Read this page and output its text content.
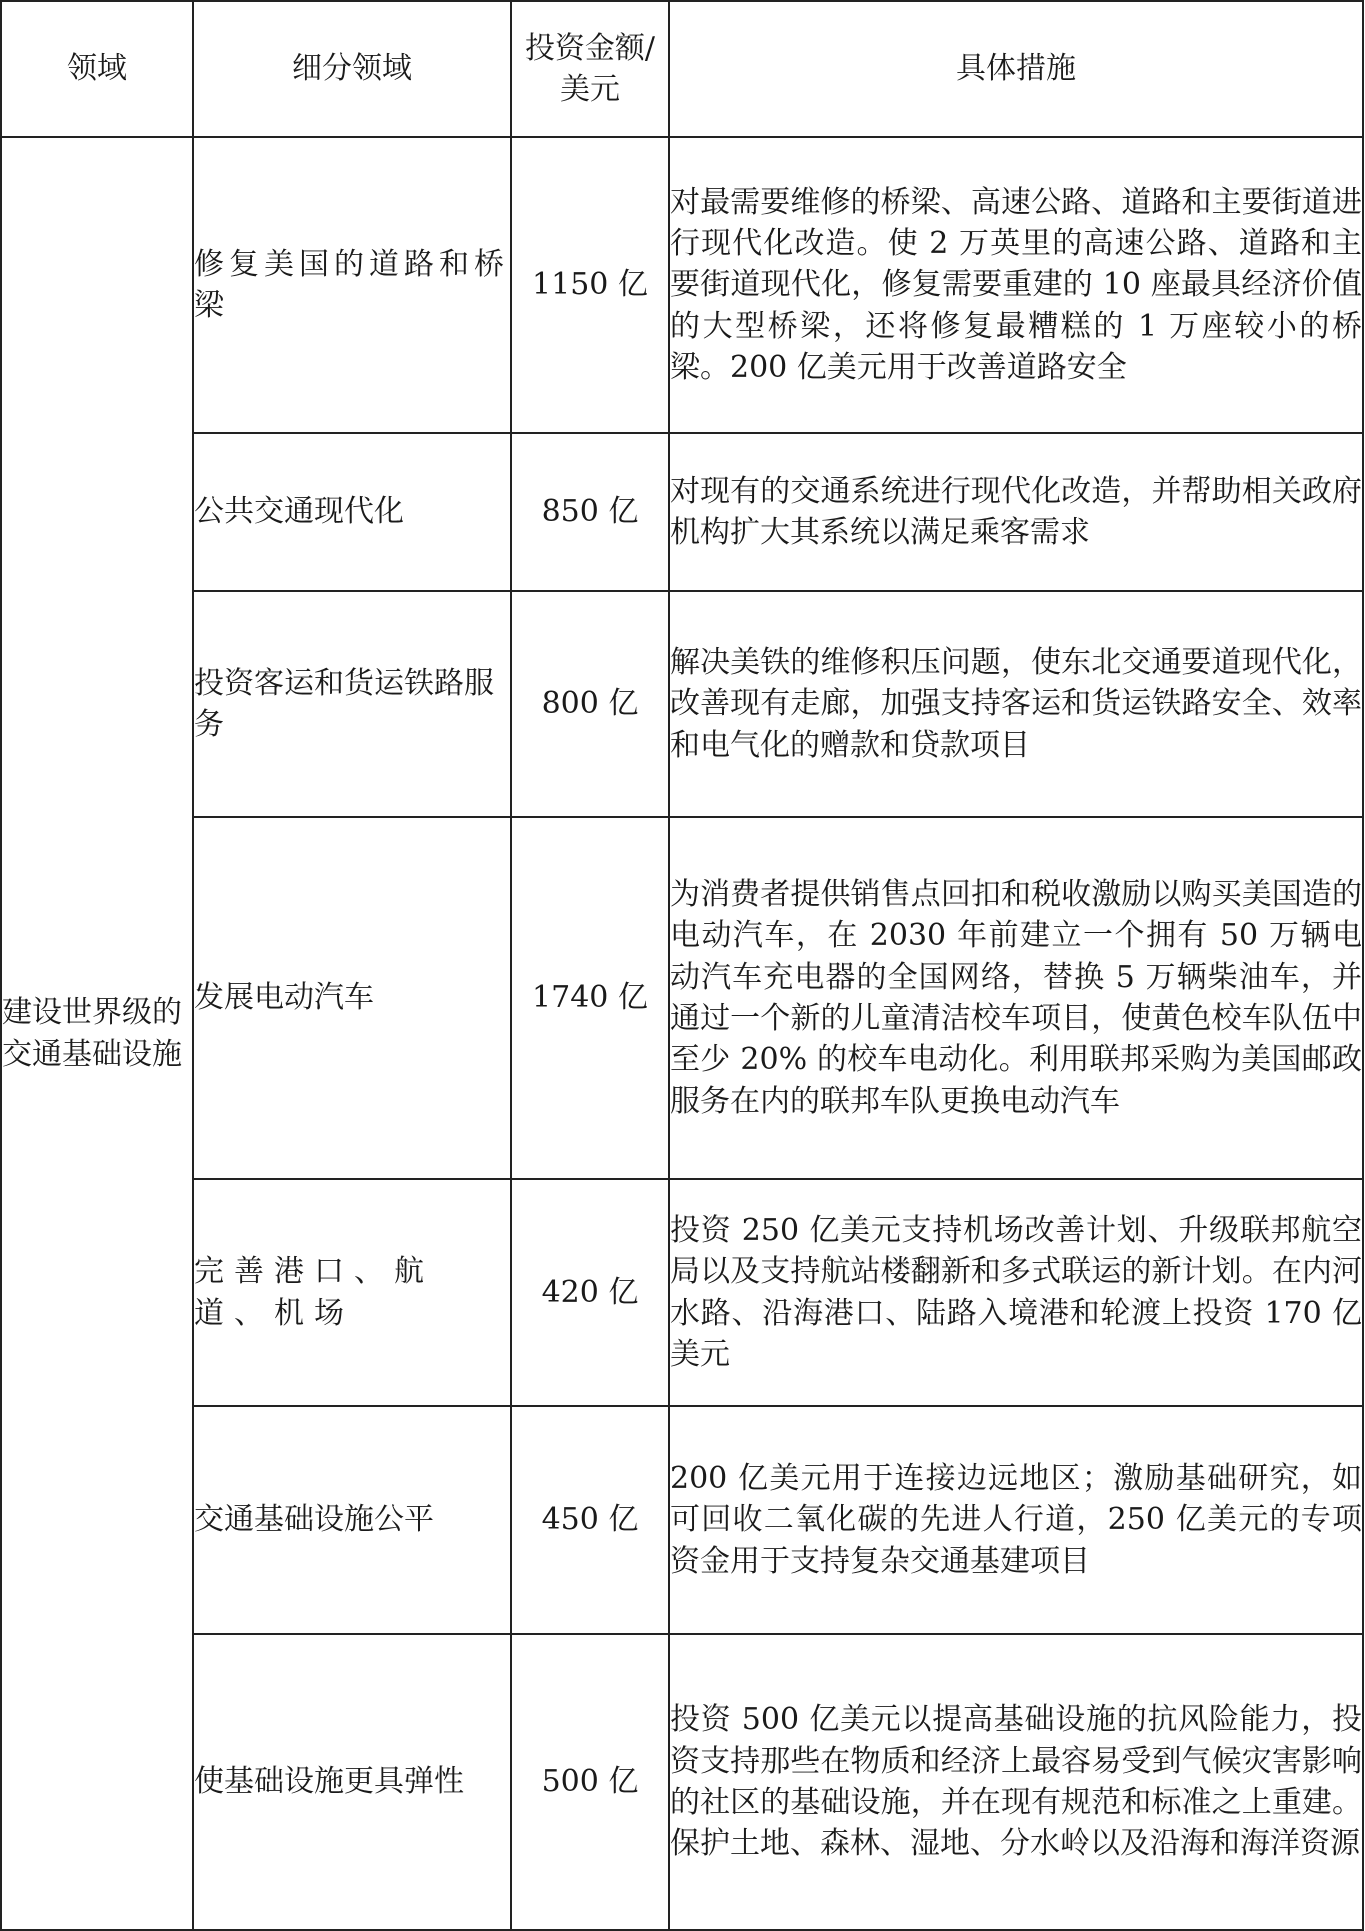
领域	细分领域	投资金额/美元	具体措施
建设世界级的交通基础设施	修复美国的道路和桥梁	1150 亿	对最需要维修的桥梁、高速公路、道路和主要街道进行现代化改造。使 2 万英里的高速公路、道路和主要街道现代化，修复需要重建的 10 座最具经济价值的大型桥梁，还将修复最糟糕的 1 万座较小的桥梁。200 亿美元用于改善道路安全
	公共交通现代化	850 亿	对现有的交通系统进行现代化改造，并帮助相关政府机构扩大其系统以满足乘客需求
	投资客运和货运铁路服务	800 亿	解决美铁的维修积压问题，使东北交通要道现代化，改善现有走廊，加强支持客运和货运铁路安全、效率和电气化的赠款和贷款项目
	发展电动汽车	1740 亿	为消费者提供销售点回扣和税收激励以购买美国造的电动汽车，在 2030 年前建立一个拥有 50 万辆电动汽车充电器的全国网络，替换 5 万辆柴油车，并通过一个新的儿童清洁校车项目，使黄色校车队伍中至少 20% 的校车电动化。利用联邦采购为美国邮政服务在内的联邦车队更换电动汽车
	完善港口、航道、机场	420 亿	投资 250 亿美元支持机场改善计划、升级联邦航空局以及支持航站楼翻新和多式联运的新计划。在内河水路、沿海港口、陆路入境港和轮渡上投资 170 亿美元
	交通基础设施公平	450 亿	200 亿美元用于连接边远地区；激励基础研究，如可回收二氧化碳的先进人行道，250 亿美元的专项资金用于支持复杂交通基建项目
	使基础设施更具弹性	500 亿	投资 500 亿美元以提高基础设施的抗风险能力，投资支持那些在物质和经济上最容易受到气候灾害影响的社区的基础设施，并在现有规范和标准之上重建。保护土地、森林、湿地、分水岭以及沿海和海洋资源
